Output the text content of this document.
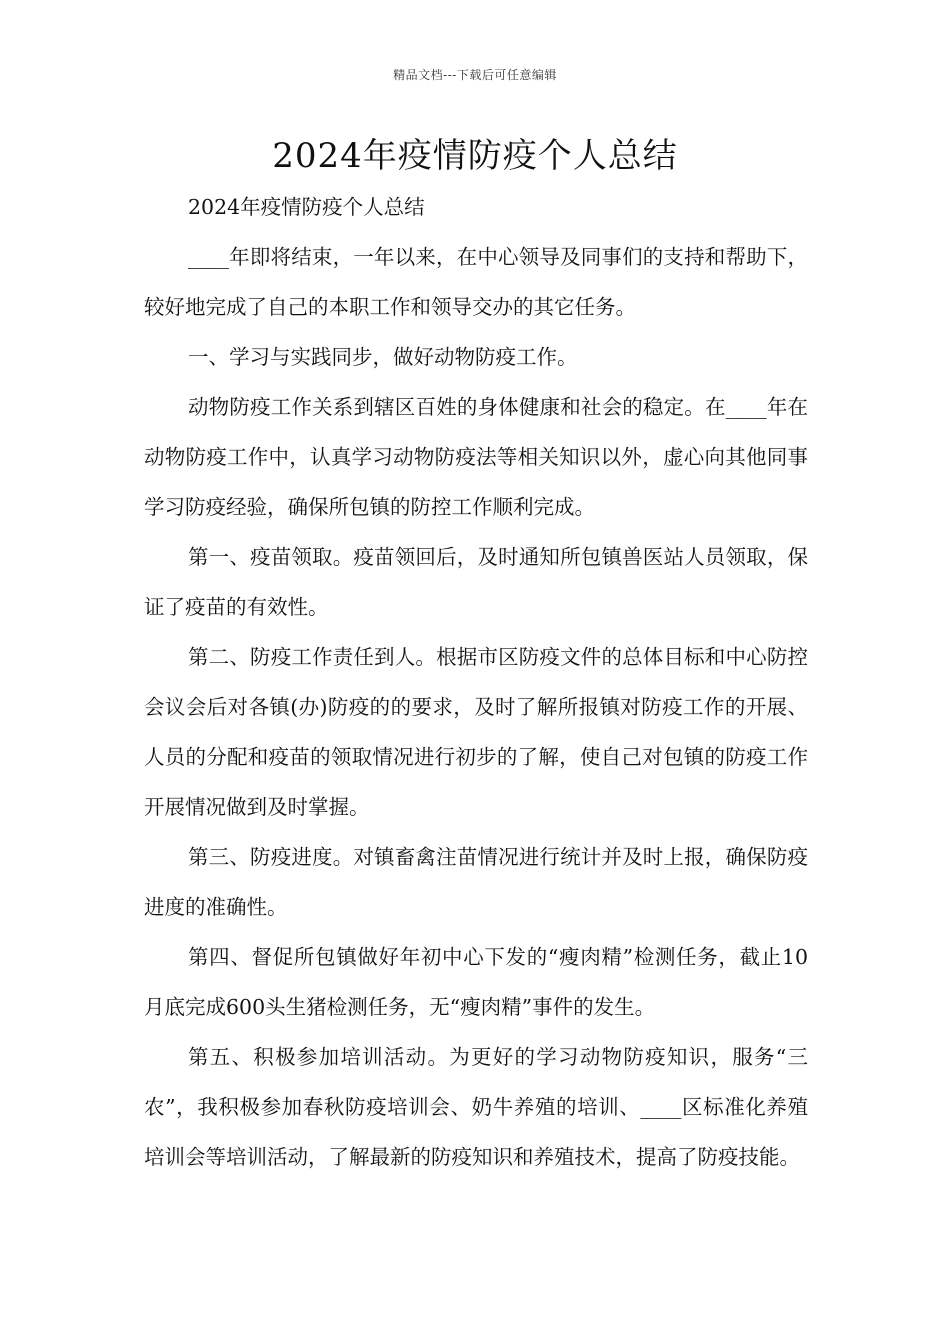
精品文档---下载后可任意编辑
2024年疫情防疫个人总结

2024年疫情防疫个人总结

____年即将结束，一年以来，在中心领导及同事们的支持和帮助下，较好地完成了自己的本职工作和领导交办的其它任务。

一、学习与实践同步，做好动物防疫工作。

动物防疫工作关系到辖区百姓的身体健康和社会的稳定。在____年在动物防疫工作中，认真学习动物防疫法等相关知识以外，虚心向其他同事学习防疫经验，确保所包镇的防控工作顺利完成。

第一、疫苗领取。疫苗领回后，及时通知所包镇兽医站人员领取，保证了疫苗的有效性。

第二、防疫工作责任到人。根据市区防疫文件的总体目标和中心防控会议会后对各镇(办)防疫的的要求，及时了解所报镇对防疫工作的开展、人员的分配和疫苗的领取情况进行初步的了解，使自己对包镇的防疫工作开展情况做到及时掌握。

第三、防疫进度。对镇畜禽注苗情况进行统计并及时上报，确保防疫进度的准确性。

第四、督促所包镇做好年初中心下发的“瘦肉精”检测任务，截止10月底完成600头生猪检测任务，无“瘦肉精”事件的发生。

第五、积极参加培训活动。为更好的学习动物防疫知识，服务“三农”，我积极参加春秋防疫培训会、奶牛养殖的培训、____区标准化养殖培训会等培训活动，了解最新的防疫知识和养殖技术，提高了防疫技能。
